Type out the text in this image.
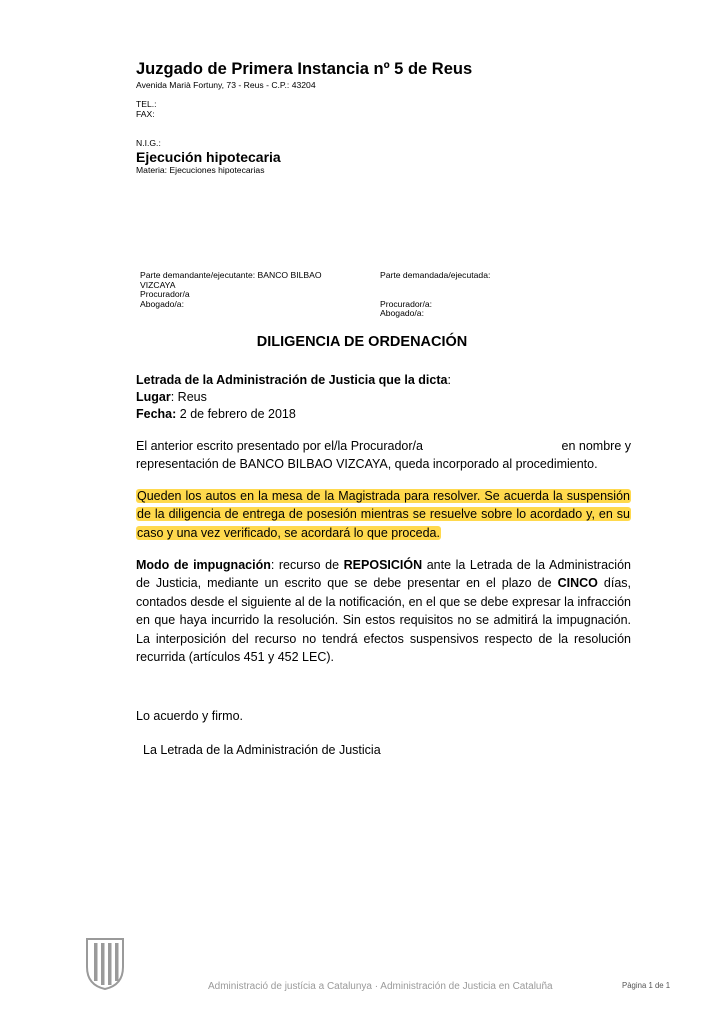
Juzgado de Primera Instancia nº 5 de Reus
Avenida Marià Fortuny, 73 - Reus - C.P.: 43204
TEL.:
FAX:
N.I.G.:
Ejecución hipotecaria
Materia: Ejecuciones hipotecarias
Parte demandante/ejecutante: BANCO BILBAO
VIZCAYA
Procurador/a
Abogado/a:
Parte demandada/ejecutada:
Procurador/a:
Abogado/a:
DILIGENCIA DE ORDENACIÓN
Letrada de la Administración de Justicia que la dicta:
Lugar: Reus
Fecha: 2 de febrero de 2018
El anterior escrito presentado por el/la Procurador/a	en nombre y
representación de BANCO BILBAO VIZCAYA, queda incorporado al procedimiento.
Queden los autos en la mesa de la Magistrada para resolver. Se acuerda la suspensión de la diligencia de entrega de posesión mientras se resuelve sobre lo acordado y, en su caso y una vez verificado, se acordará lo que proceda.
Modo de impugnación: recurso de REPOSICIÓN ante la Letrada de la Administración de Justicia, mediante un escrito que se debe presentar en el plazo de CINCO días, contados desde el siguiente al de la notificación, en el que se debe expresar la infracción en que haya incurrido la resolución. Sin estos requisitos no se admitirá la impugnación. La interposición del recurso no tendrá efectos suspensivos respecto de la resolución recurrida (artículos 451 y 452 LEC).
Lo acuerdo y firmo.
La Letrada de la Administración de Justicia
Administració de justícia a Catalunya · Administración de Justicia en Cataluña	Pàgina 1 de 1
